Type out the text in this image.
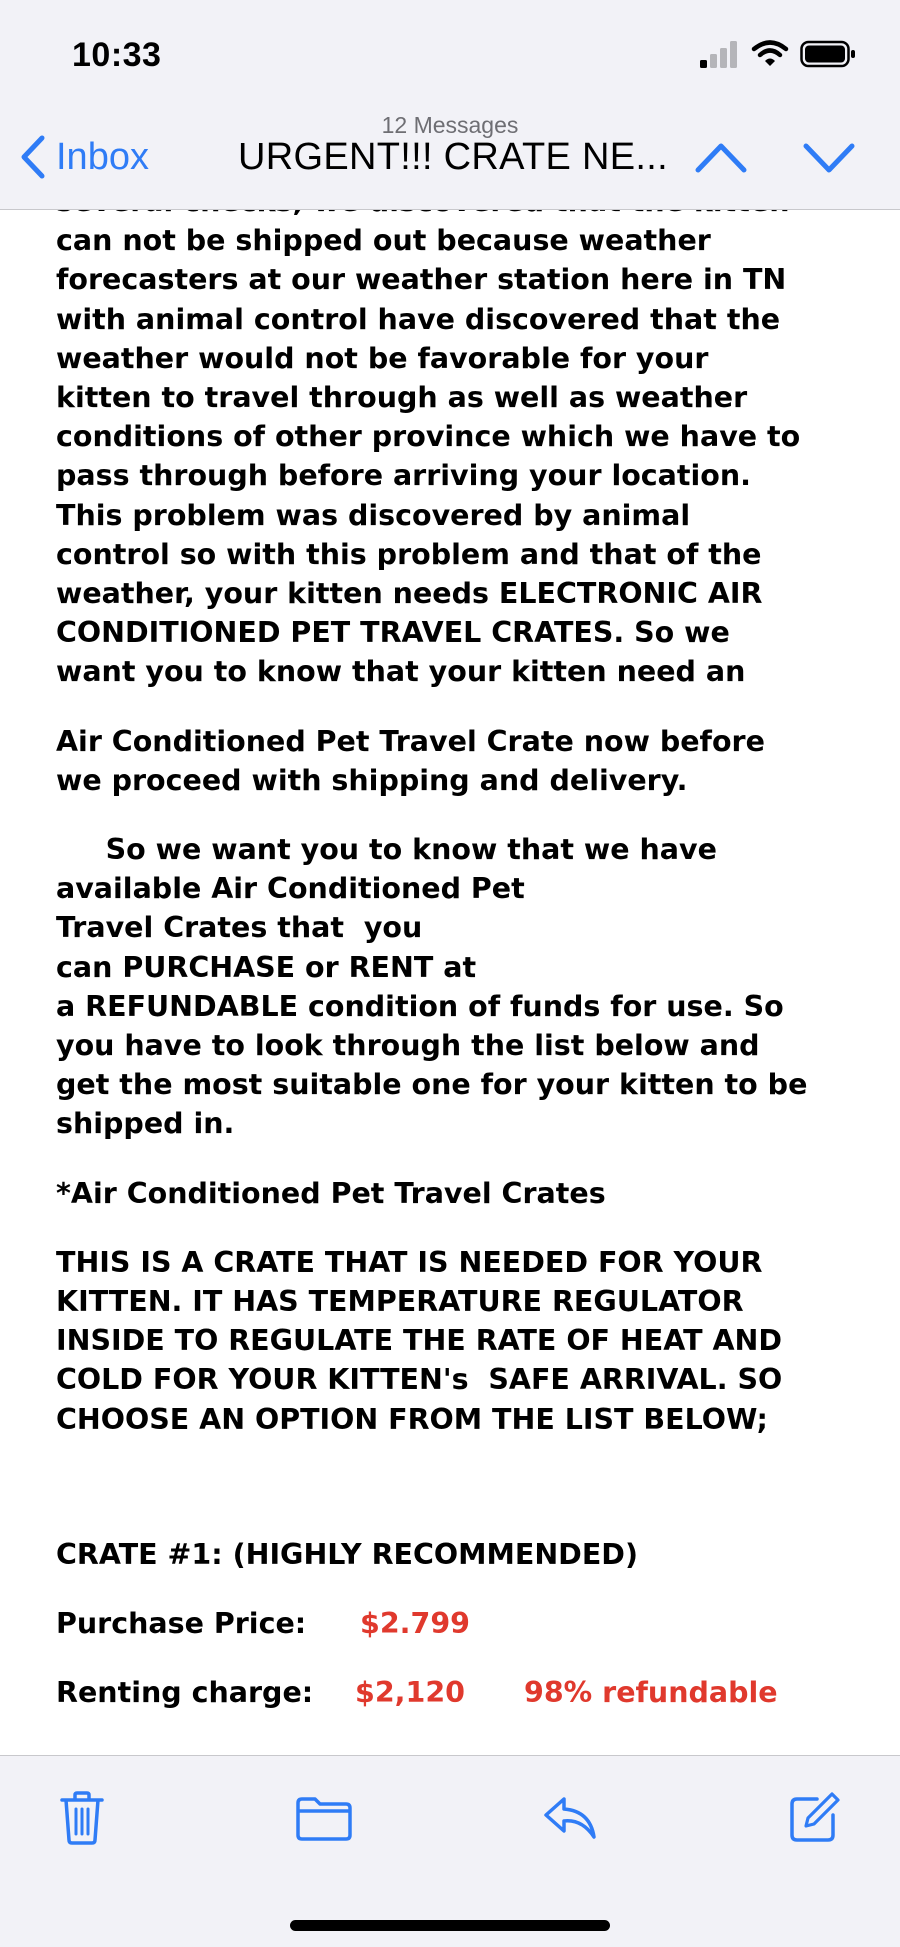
10:33
12 Messages
Inbox URGENT!!! CRATE NE...
can not be shipped out because weather
forecasters at our weather station here in TN
with animal control have discovered that the
weather would not be favorable for your
kitten to travel through as well as weather
conditions of other province which we have to
pass through before arriving your location.
This problem was discovered by animal
control so with this problem and that of the
weather, your kitten needs ELECTRONIC AIR
CONDITIONED PET TRAVEL CRATES. So we
want you to know that your kitten need an
Air Conditioned Pet Travel Crate now before
we proceed with shipping and delivery.
So we want you to know that we have
available Air Conditioned Pet
Travel Crates that  you
can PURCHASE or RENT at
a REFUNDABLE condition of funds for use. So
you have to look through the list below and
get the most suitable one for your kitten to be
shipped in.
*Air Conditioned Pet Travel Crates
THIS IS A CRATE THAT IS NEEDED FOR YOUR
KITTEN. IT HAS TEMPERATURE REGULATOR
INSIDE TO REGULATE THE RATE OF HEAT AND
COLD FOR YOUR KITTEN's  SAFE ARRIVAL. SO
CHOOSE AN OPTION FROM THE LIST BELOW;
CRATE #1: (HIGHLY RECOMMENDED)
Purchase Price:	$2.799
Renting charge:	$2,120	98% refundable
